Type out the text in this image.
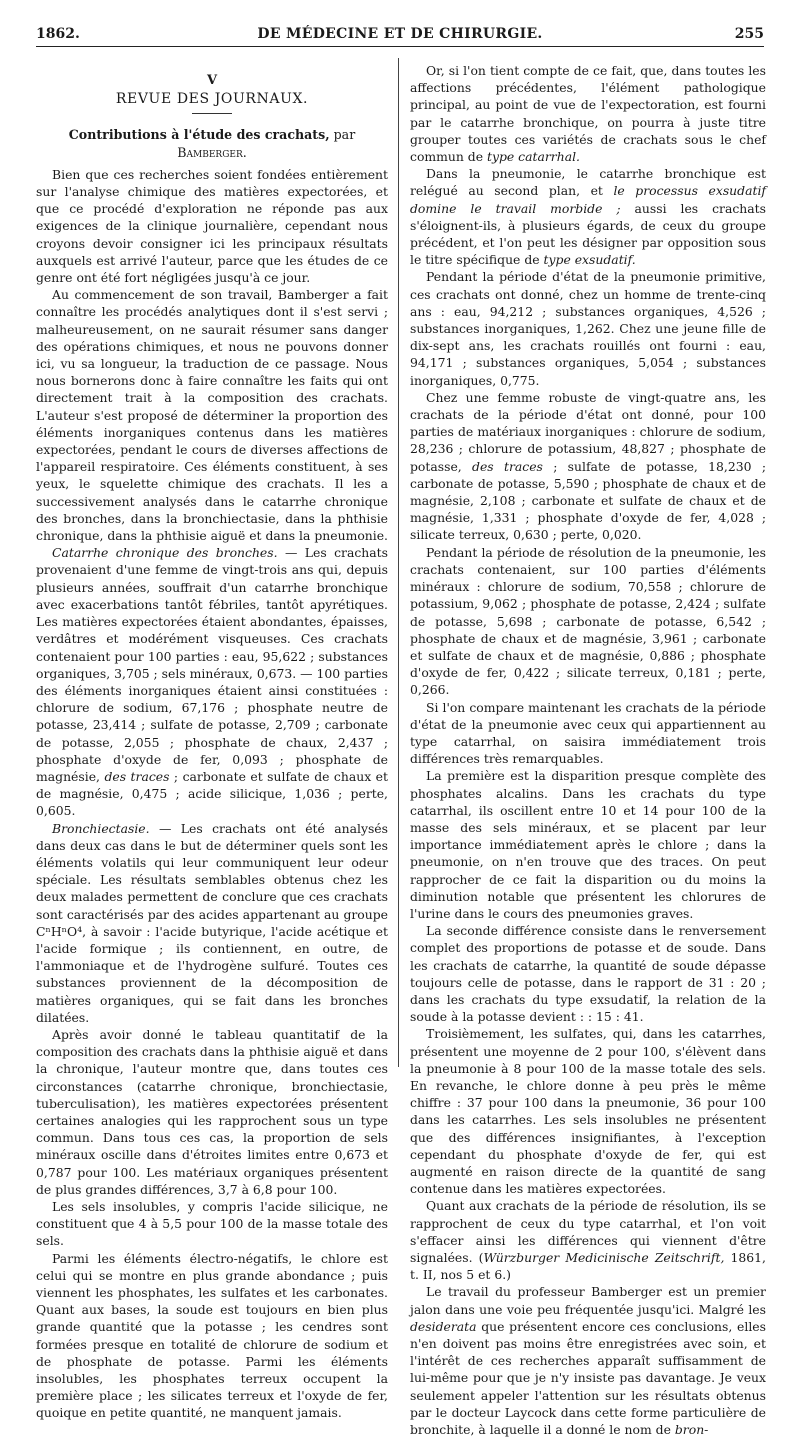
1862.	DE MÉDECINE ET DE CHIRURGIE.	255
V
REVUE DES JOURNAUX.
Contributions à l'étude des crachats, par Bamberger.

Bien que ces recherches soient fondées entièrement sur l'analyse chimique des matières expectorées, et que ce procédé d'exploration ne réponde pas aux exigences de la clinique journalière, cependant nous croyons devoir consigner ici les principaux résultats auxquels est arrivé l'auteur, parce que les études de ce genre ont été fort négligées jusqu'à ce jour.

Au commencement de son travail, Bamberger a fait connaître les procédés analytiques dont il s'est servi ; malheureusement, on ne saurait résumer sans danger des opérations chimiques, et nous ne pouvons donner ici, vu sa longueur, la traduction de ce passage. Nous nous bornerons donc à faire connaître les faits qui ont directement trait à la composition des crachats. L'auteur s'est proposé de déterminer la proportion des éléments inorganiques contenus dans les matières expectorées, pendant le cours de diverses affections de l'appareil respiratoire. Ces éléments constituent, à ses yeux, le squelette chimique des crachats. Il les a successivement analysés dans le catarrhe chronique des bronches, dans la bronchiectasie, dans la phthisie chronique, dans la phthisie aiguë et dans la pneumonie.

Catarrhe chronique des bronches. — Les crachats provenaient d'une femme de vingt-trois ans qui, depuis plusieurs années, souffrait d'un catarrhe bronchique avec exacerbations tantôt fébriles, tantôt apyrétiques. Les matières expectorées étaient abondantes, épaisses, verdâtres et modérément visqueuses. Ces crachats contenaient pour 100 parties : eau, 95,622 ; substances organiques, 3,705 ; sels minéraux, 0,673. — 100 parties des éléments inorganiques étaient ainsi constituées : chlorure de sodium, 67,176 ; phosphate neutre de potasse, 23,414 ; sulfate de potasse, 2,709 ; carbonate de potasse, 2,055 ; phosphate de chaux, 2,437 ; phosphate d'oxyde de fer, 0,093 ; phosphate de magnésie, des traces ; carbonate et sulfate de chaux et de magnésie, 0,475 ; acide silicique, 1,036 ; perte, 0,605.

Bronchiectasie. — Les crachats ont été analysés dans deux cas dans le but de déterminer quels sont les éléments volatils qui leur communiquent leur odeur spéciale. Les résultats semblables obtenus chez les deux malades permettent de conclure que ces crachats sont caractérisés par des acides appartenant au groupe CⁿHⁿO⁴, à savoir : l'acide butyrique, l'acide acétique et l'acide formique ; ils contiennent, en outre, de l'ammoniaque et de l'hydrogène sulfuré. Toutes ces substances proviennent de la décomposition de matières organiques, qui se fait dans les bronches dilatées.

Après avoir donné le tableau quantitatif de la composition des crachats dans la phthisie aiguë et dans la chronique, l'auteur montre que, dans toutes ces circonstances (catarrhe chronique, bronchiectasie, tuberculisation), les matières expectorées présentent certaines analogies qui les rapprochent sous un type commun. Dans tous ces cas, la proportion de sels minéraux oscille dans d'étroites limites entre 0,673 et 0,787 pour 100. Les matériaux organiques présentent de plus grandes différences, 3,7 à 6,8 pour 100.

Les sels insolubles, y compris l'acide silicique, ne constituent que 4 à 5,5 pour 100 de la masse totale des sels.

Parmi les éléments électro-négatifs, le chlore est celui qui se montre en plus grande abondance ; puis viennent les phosphates, les sulfates et les carbonates. Quant aux bases, la soude est toujours en bien plus grande quantité que la potasse ; les cendres sont formées presque en totalité de chlorure de sodium et de phosphate de potasse. Parmi les éléments insolubles, les phosphates terreux occupent la première place ; les silicates terreux et l'oxyde de fer, quoique en petite quantité, ne manquent jamais.

Or, si l'on tient compte de ce fait, que, dans toutes les affections précédentes, l'élément pathologique principal, au point de vue de l'expectoration, est fourni par le catarrhe bronchique, on pourra à juste titre grouper toutes ces variétés de crachats sous le chef commun de type catarrhal.

Dans la pneumonie, le catarrhe bronchique est relégué au second plan, et le processus exsudatif domine le travail morbide ; aussi les crachats s'éloignent-ils, à plusieurs égards, de ceux du groupe précédent, et l'on peut les désigner par opposition sous le titre spécifique de type exsudatif.

Pendant la période d'état de la pneumonie primitive, ces crachats ont donné, chez un homme de trente-cinq ans : eau, 94,212 ; substances organiques, 4,526 ; substances inorganiques, 1,262. Chez une jeune fille de dix-sept ans, les crachats rouillés ont fourni : eau, 94,171 ; substances organiques, 5,054 ; substances inorganiques, 0,775.

Chez une femme robuste de vingt-quatre ans, les crachats de la période d'état ont donné, pour 100 parties de matériaux inorganiques : chlorure de sodium, 28,236 ; chlorure de potassium, 48,827 ; phosphate de potasse, des traces ; sulfate de potasse, 18,230 ; carbonate de potasse, 5,590 ; phosphate de chaux et de magnésie, 2,108 ; carbonate et sulfate de chaux et de magnésie, 1,331 ; phosphate d'oxyde de fer, 4,028 ; silicate terreux, 0,630 ; perte, 0,020.

Pendant la période de résolution de la pneumonie, les crachats contenaient, sur 100 parties d'éléments minéraux : chlorure de sodium, 70,558 ; chlorure de potassium, 9,062 ; phosphate de potasse, 2,424 ; sulfate de potasse, 5,698 ; carbonate de potasse, 6,542 ; phosphate de chaux et de magnésie, 3,961 ; carbonate et sulfate de chaux et de magnésie, 0,886 ; phosphate d'oxyde de fer, 0,422 ; silicate terreux, 0,181 ; perte, 0,266.

Si l'on compare maintenant les crachats de la période d'état de la pneumonie avec ceux qui appartiennent au type catarrhal, on saisira immédiatement trois différences très remarquables.

La première est la disparition presque complète des phosphates alcalins. Dans les crachats du type catarrhal, ils oscillent entre 10 et 14 pour 100 de la masse des sels minéraux, et se placent par leur importance immédiatement après le chlore ; dans la pneumonie, on n'en trouve que des traces. On peut rapprocher de ce fait la disparition ou du moins la diminution notable que présentent les chlorures de l'urine dans le cours des pneumonies graves.

La seconde différence consiste dans le renversement complet des proportions de potasse et de soude. Dans les crachats de catarrhe, la quantité de soude dépasse toujours celle de potasse, dans le rapport de 31 : 20 ; dans les crachats du type exsudatif, la relation de la soude à la potasse devient : : 15 : 41.

Troisièmement, les sulfates, qui, dans les catarrhes, présentent une moyenne de 2 pour 100, s'élèvent dans la pneumonie à 8 pour 100 de la masse totale des sels. En revanche, le chlore donne à peu près le même chiffre : 37 pour 100 dans la pneumonie, 36 pour 100 dans les catarrhes. Les sels insolubles ne présentent que des différences insignifiantes, à l'exception cependant du phosphate d'oxyde de fer, qui est augmenté en raison directe de la quantité de sang contenue dans les matières expectorées.

Quant aux crachats de la période de résolution, ils se rapprochent de ceux du type catarrhal, et l'on voit s'effacer ainsi les différences qui viennent d'être signalées. (Würzburger Medicinische Zeitschrift, 1861, t. II, nos 5 et 6.)

Le travail du professeur Bamberger est un premier jalon dans une voie peu fréquentée jusqu'ici. Malgré les desiderata que présentent encore ces conclusions, elles n'en doivent pas moins être enregistrées avec soin, et l'intérêt de ces recherches apparaît suffisamment de lui-même pour que je n'y insiste pas davantage. Je veux seulement appeler l'attention sur les résultats obtenus par le docteur Laycock dans cette forme particulière de bronchite, à laquelle il a donné le nom de bron-
